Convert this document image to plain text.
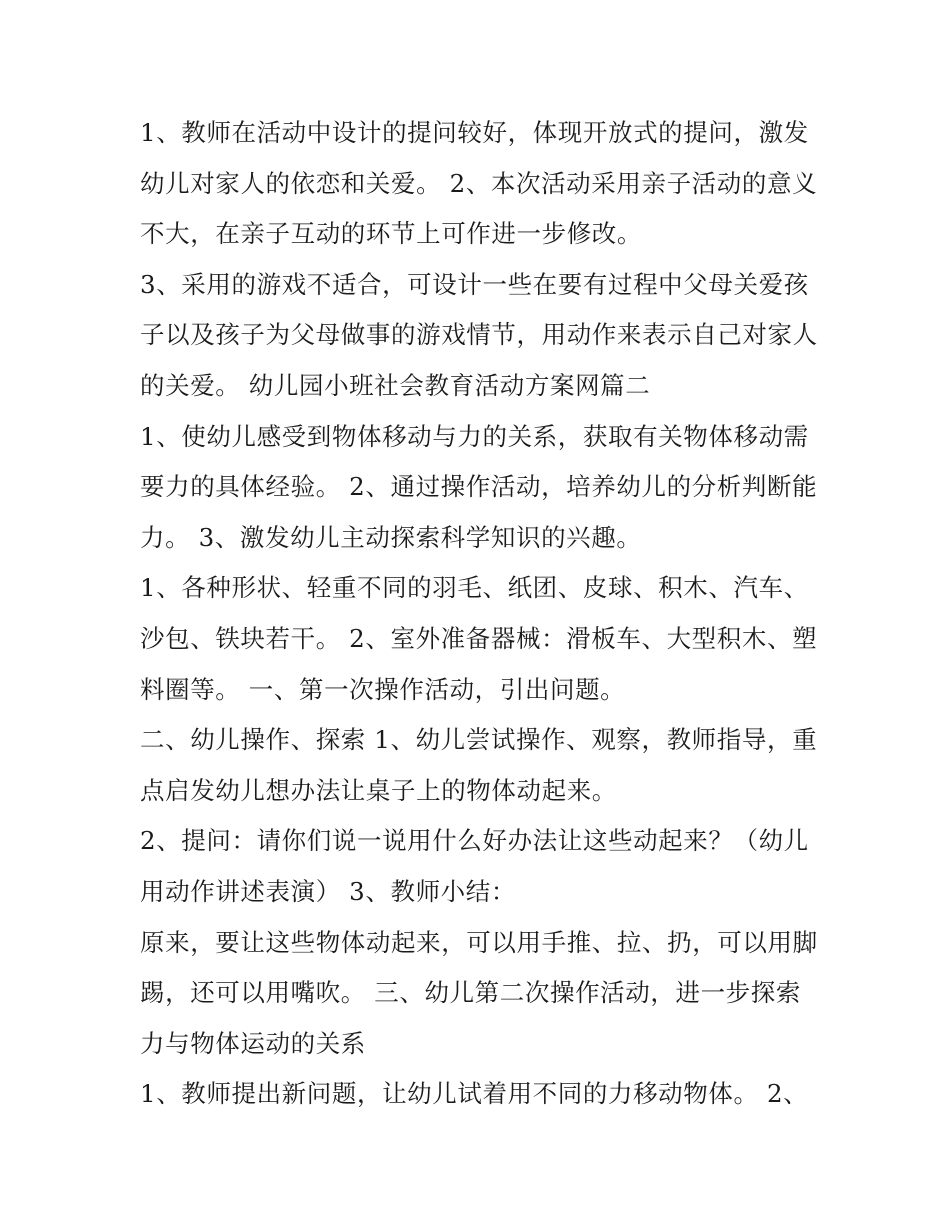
1、教师在活动中设计的提问较好，体现开放式的提问，激发
幼儿对家人的依恋和关爱。 2、本次活动采用亲子活动的意义
不大，在亲子互动的环节上可作进一步修改。
3、采用的游戏不适合，可设计一些在要有过程中父母关爱孩
子以及孩子为父母做事的游戏情节，用动作来表示自己对家人
的关爱。 幼儿园小班社会教育活动方案网篇二
1、使幼儿感受到物体移动与力的关系，获取有关物体移动需
要力的具体经验。 2、通过操作活动，培养幼儿的分析判断能
力。 3、激发幼儿主动探索科学知识的兴趣。
1、各种形状、轻重不同的羽毛、纸团、皮球、积木、汽车、
沙包、铁块若干。 2、室外准备器械：滑板车、大型积木、塑
料圈等。 一、第一次操作活动，引出问题。
二、幼儿操作、探索 1、幼儿尝试操作、观察，教师指导，重
点启发幼儿想办法让桌子上的物体动起来。
2、提问：请你们说一说用什么好办法让这些动起来？（幼儿
用动作讲述表演） 3、教师小结：
原来，要让这些物体动起来，可以用手推、拉、扔，可以用脚
踢，还可以用嘴吹。 三、幼儿第二次操作活动，进一步探索
力与物体运动的关系
1、教师提出新问题，让幼儿试着用不同的力移动物体。 2、
